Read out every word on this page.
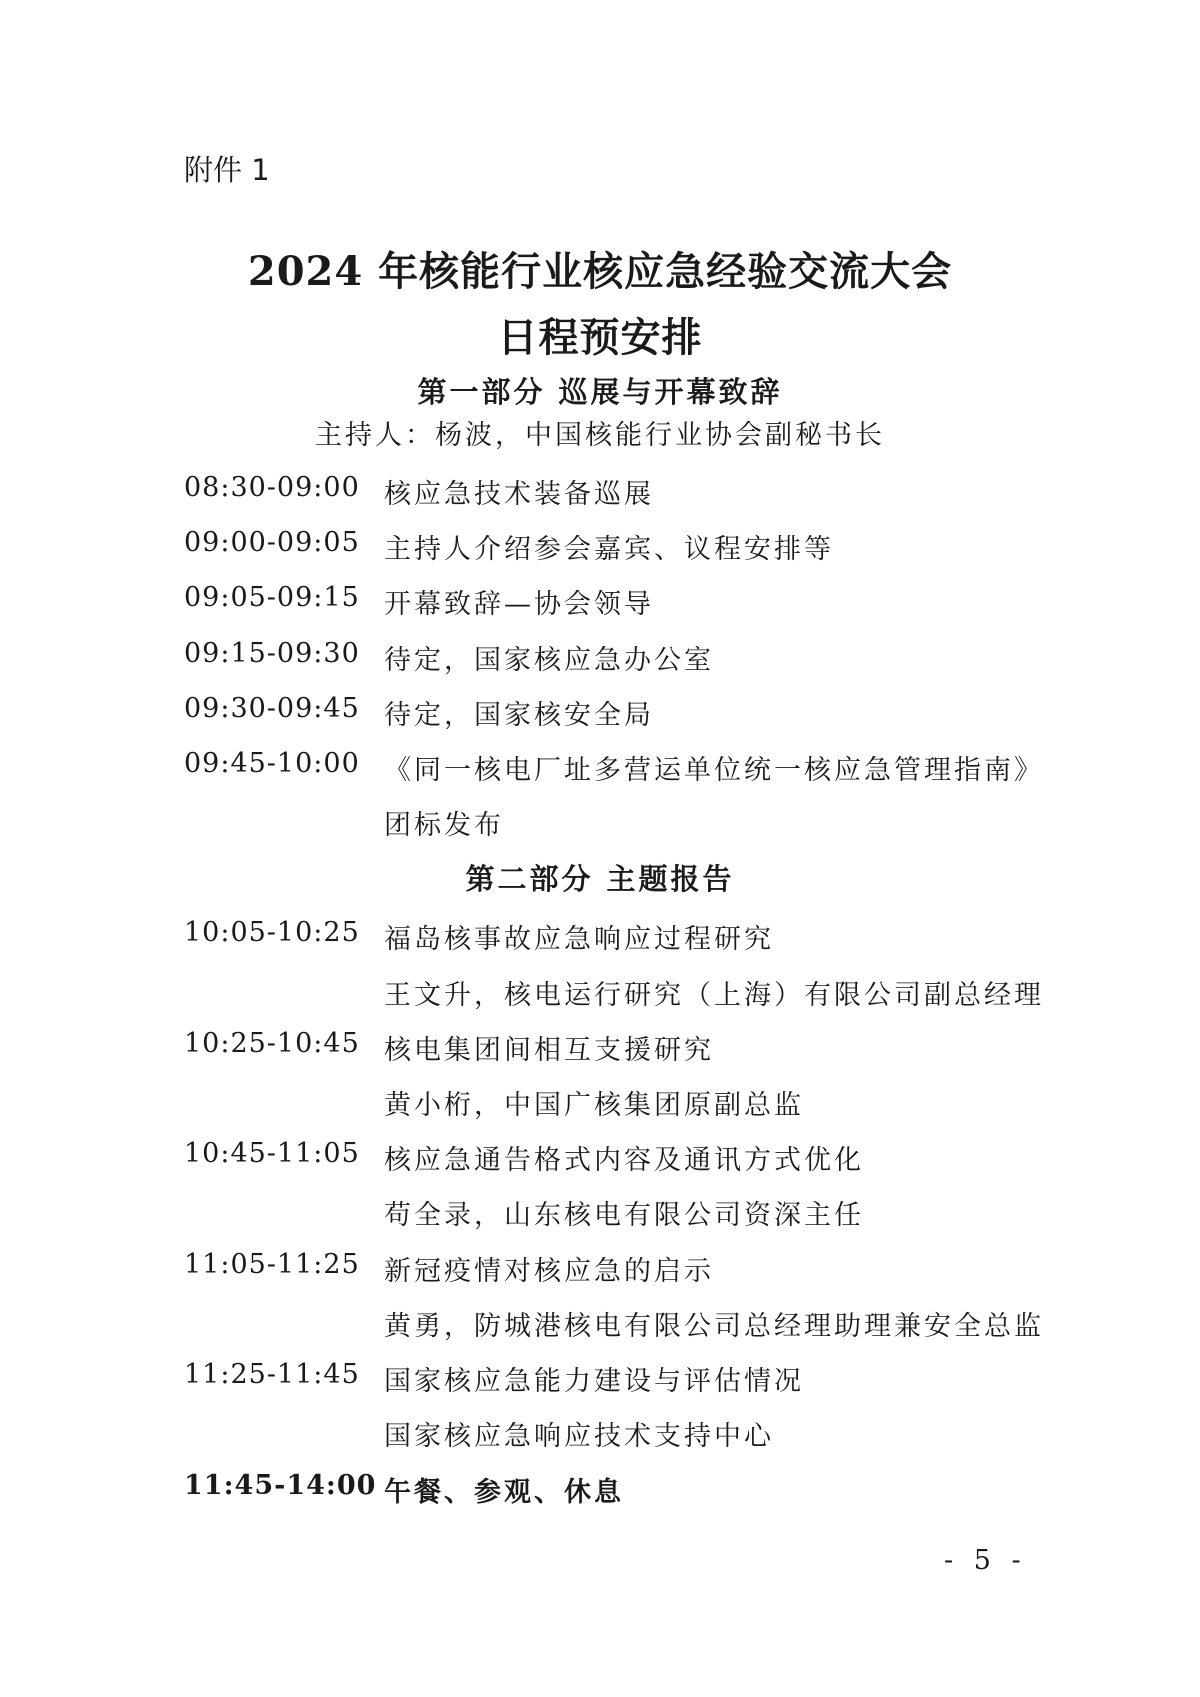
附件 1
2024 年核能行业核应急经验交流大会
日程预安排
第一部分 巡展与开幕致辞
主持人：杨波，中国核能行业协会副秘书长
08:30-09:00 核应急技术装备巡展
09:00-09:05 主持人介绍参会嘉宾、议程安排等
09:05-09:15 开幕致辞—协会领导
09:15-09:30 待定，国家核应急办公室
09:30-09:45 待定，国家核安全局
09:45-10:00 《同一核电厂址多营运单位统一核应急管理指南》
团标发布
第二部分 主题报告
10:05-10:25 福岛核事故应急响应过程研究
王文升，核电运行研究（上海）有限公司副总经理
10:25-10:45 核电集团间相互支援研究
黄小桁，中国广核集团原副总监
10:45-11:05 核应急通告格式内容及通讯方式优化
苟全录，山东核电有限公司资深主任
11:05-11:25 新冠疫情对核应急的启示
黄勇，防城港核电有限公司总经理助理兼安全总监
11:25-11:45 国家核应急能力建设与评估情况
国家核应急响应技术支持中心
11:45-14:00 午餐、参观、休息
- 5 -
